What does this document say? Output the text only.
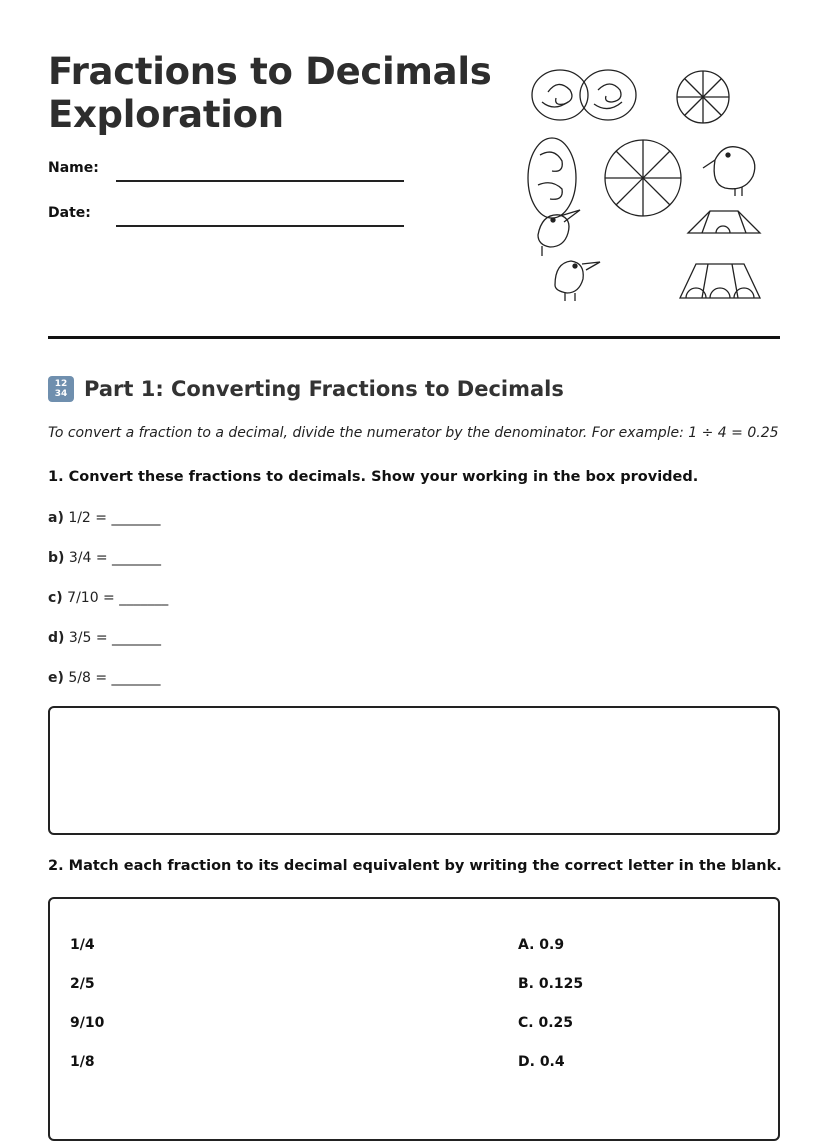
Fractions to Decimals
Exploration
Name:
Date:
12
34 Part 1: Converting Fractions to Decimals
To convert a fraction to a decimal, divide the numerator by the denominator. For example: 1 ÷ 4 = 0.25
1. Convert these fractions to decimals. Show your working in the box provided.
a) 1/2 = _______
b) 3/4 = _______
c) 7/10 = _______
d) 3/5 = _______
e) 5/8 = _______
2. Match each fraction to its decimal equivalent by writing the correct letter in the blank.
1/4
2/5
9/10
1/8
A. 0.9
B. 0.125
C. 0.25
D. 0.4
